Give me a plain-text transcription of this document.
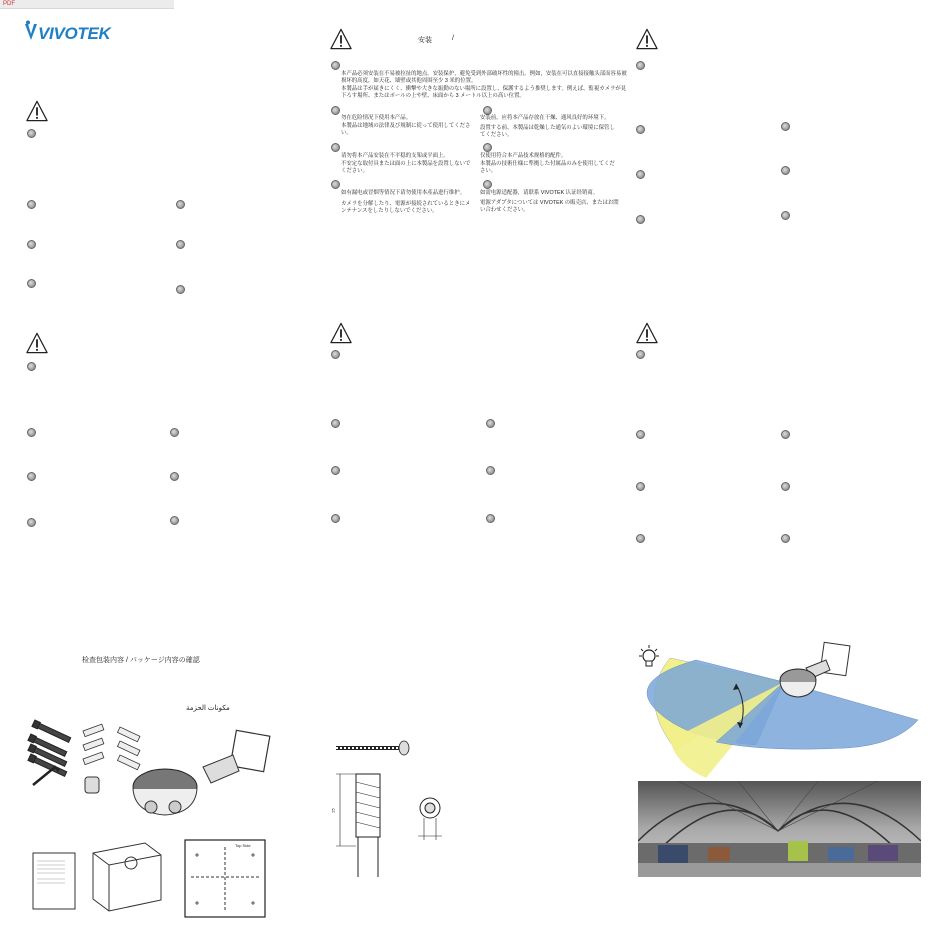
PDF
VIVOTEK	安装	/
本产品必须安装在不易被拉扯的地点。安装保护，避免受到外部破坏性的撞击。例如，安装在可以直接接触头部而容易被损坏的高度，如天花、墙壁或其他周围至少 3 米的位置。
本製品は手が届きにくく、衝撃や大きな振動のない場所に設置し、保護するよう推奨します。例えば、監視カメラが見下ろす場所、またはポールの上や壁、床面から 3 メートル以上の高い位置。
勿在危险情况下使用本产品。
本製品は地域の法律及び規制に従って使用してください。
请勿将本产品安装在不平稳的支架或平面上。
不安定な取付具または面の上に本製品を設置しないでください。
如有漏电或冒烟等情况下请勿使用本產品进行维护。
カメラを分解したり、電源が接続されているときにメンテナンスをしたりしないでください。
安装前，应将本产品存放在干燥、通风良好的环境下。
設置する前、本製品は乾燥した通気のよい環境に保管してください。
仅使用符合本产品技术规格的配件。
本製品の技術仕様に準拠した付属品のみを使用してください。
如需电源适配器，请联系 VIVOTEK 认证经销商。
電源アダプタについては VIVOTEK の販売店、またはお問い合わせください。
检查包装内容 / パッケージ内容の確認
مكونات الحزمة
Top Side
25
